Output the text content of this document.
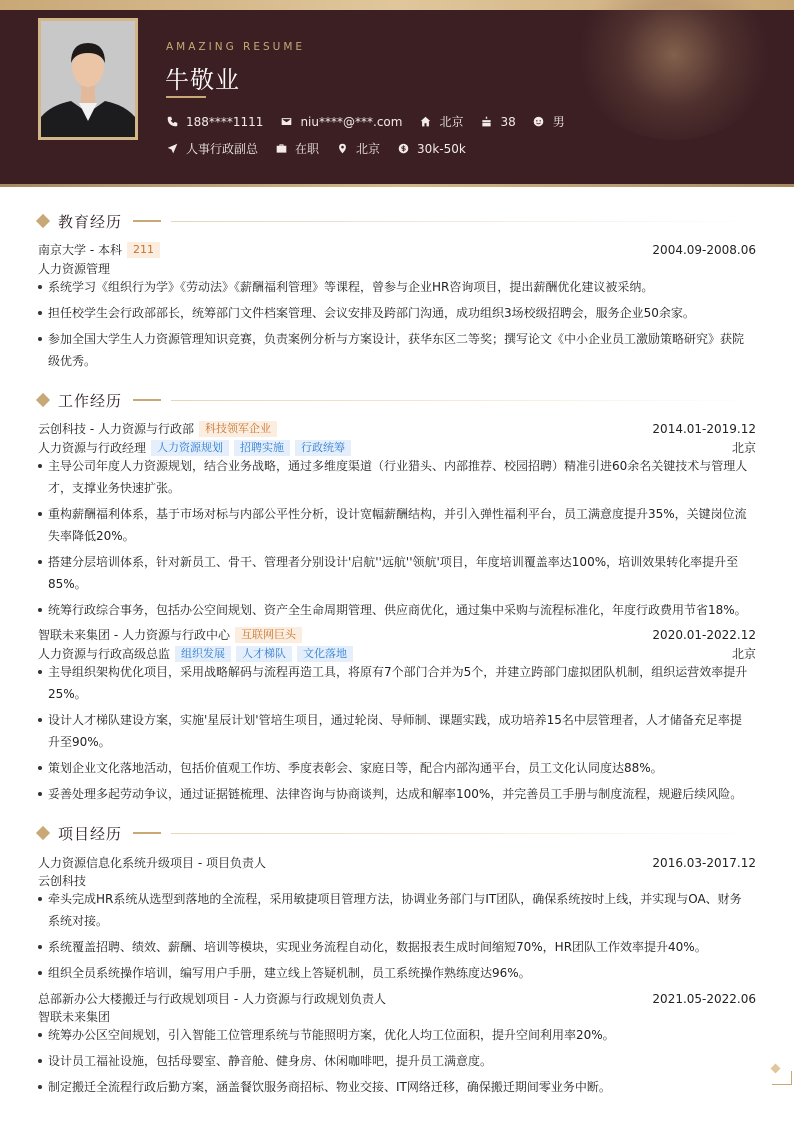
AMAZING RESUME
牛敬业
188****1111	niu****@***.com	北京	38	男
人事行政副总	在职	北京	30k-50k
教育经历
南京大学 - 本科	211	2004.09-2008.06
人力资源管理
系统学习《组织行为学》《劳动法》《薪酬福利管理》等课程，曾参与企业HR咨询项目，提出薪酬优化建议被采纳。
担任校学生会行政部部长，统筹部门文件档案管理、会议安排及跨部门沟通，成功组织3场校级招聘会，服务企业50余家。
参加全国大学生人力资源管理知识竞赛，负责案例分析与方案设计，获华东区二等奖；撰写论文《中小企业员工激励策略研究》获院级优秀。
工作经历
云创科技 - 人力资源与行政部	科技领军企业	2014.01-2019.12
人力资源与行政经理	人力资源规划	招聘实施	行政统筹	北京
主导公司年度人力资源规划，结合业务战略，通过多维度渠道（行业猎头、内部推荐、校园招聘）精准引进60余名关键技术与管理人才，支撑业务快速扩张。
重构薪酬福利体系，基于市场对标与内部公平性分析，设计宽幅薪酬结构，并引入弹性福利平台，员工满意度提升35%，关键岗位流失率降低20%。
搭建分层培训体系，针对新员工、骨干、管理者分别设计'启航''远航''领航'项目，年度培训覆盖率达100%，培训效果转化率提升至85%。
统筹行政综合事务，包括办公空间规划、资产全生命周期管理、供应商优化，通过集中采购与流程标准化，年度行政费用节省18%。
智联未来集团 - 人力资源与行政中心	互联网巨头	2020.01-2022.12
人力资源与行政高级总监	组织发展	人才梯队	文化落地	北京
主导组织架构优化项目，采用战略解码与流程再造工具，将原有7个部门合并为5个，并建立跨部门虚拟团队机制，组织运营效率提升25%。
设计人才梯队建设方案，实施'星辰计划'管培生项目，通过轮岗、导师制、课题实践，成功培养15名中层管理者，人才储备充足率提升至90%。
策划企业文化落地活动，包括价值观工作坊、季度表彰会、家庭日等，配合内部沟通平台，员工文化认同度达88%。
妥善处理多起劳动争议，通过证据链梳理、法律咨询与协商谈判，达成和解率100%，并完善员工手册与制度流程，规避后续风险。
项目经历
人力资源信息化系统升级项目 - 项目负责人	2016.03-2017.12
云创科技
牵头完成HR系统从选型到落地的全流程，采用敏捷项目管理方法，协调业务部门与IT团队，确保系统按时上线，并实现与OA、财务系统对接。
系统覆盖招聘、绩效、薪酬、培训等模块，实现业务流程自动化，数据报表生成时间缩短70%，HR团队工作效率提升40%。
组织全员系统操作培训，编写用户手册，建立线上答疑机制，员工系统操作熟练度达96%。
总部新办公大楼搬迁与行政规划项目 - 人力资源与行政规划负责人	2021.05-2022.06
智联未来集团
统筹办公区空间规划，引入智能工位管理系统与节能照明方案，优化人均工位面积，提升空间利用率20%。
设计员工福祉设施，包括母婴室、静音舱、健身房、休闲咖啡吧，提升员工满意度。
制定搬迁全流程行政后勤方案，涵盖餐饮服务商招标、物业交接、IT网络迁移，确保搬迁期间零业务中断。
